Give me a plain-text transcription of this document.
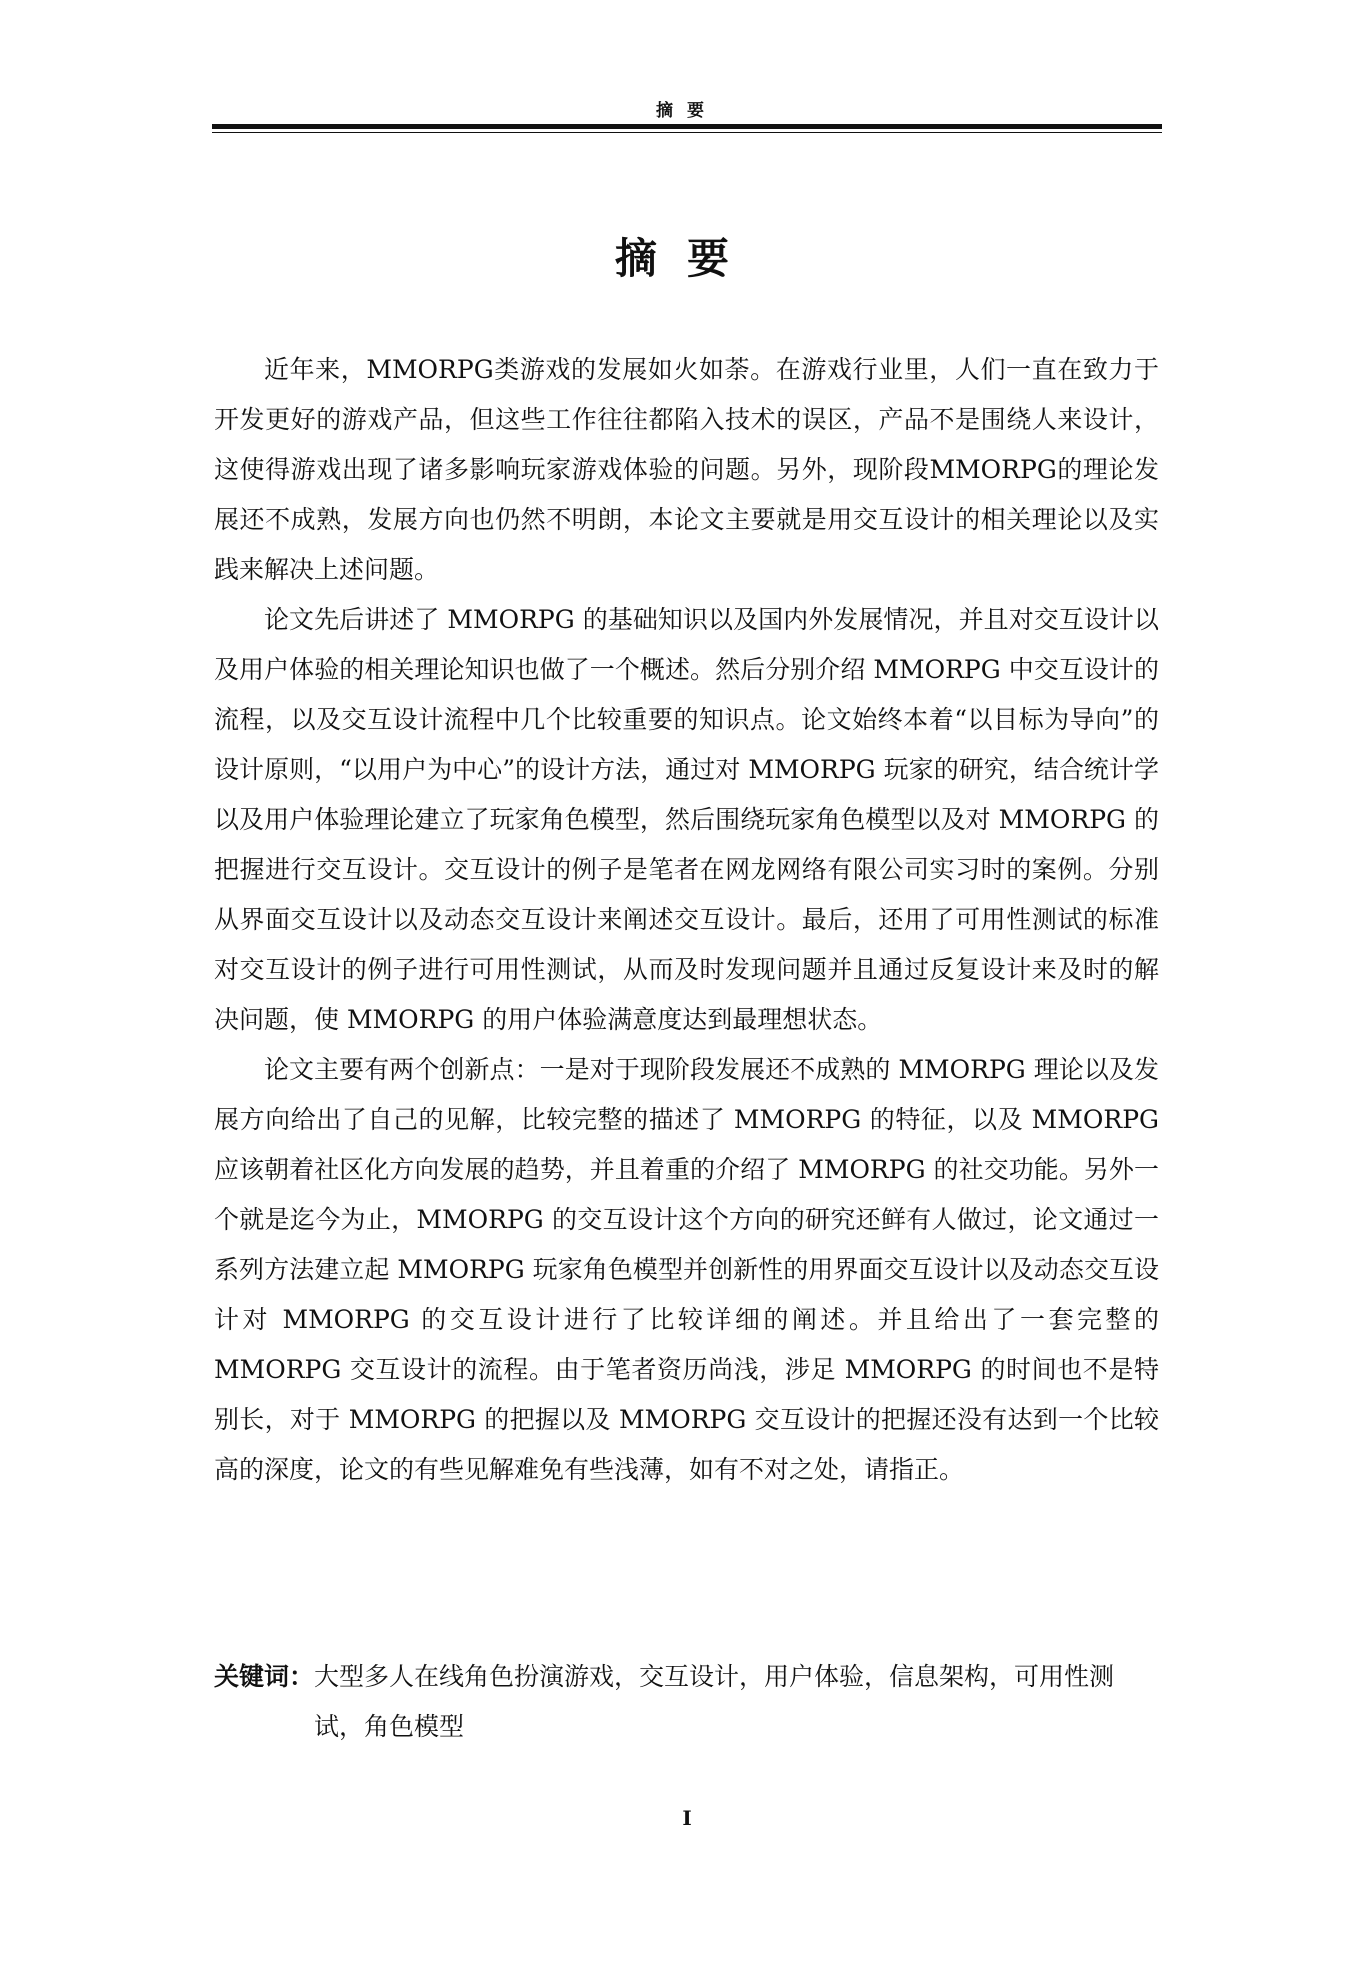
摘要
摘要

近年来，MMORPG类游戏的发展如火如荼。在游戏行业里，人们一直在致力于开发更好的游戏产品，但这些工作往往都陷入技术的误区，产品不是围绕人来设计，这使得游戏出现了诸多影响玩家游戏体验的问题。另外，现阶段MMORPG的理论发展还不成熟，发展方向也仍然不明朗，本论文主要就是用交互设计的相关理论以及实践来解决上述问题。

论文先后讲述了 MMORPG 的基础知识以及国内外发展情况，并且对交互设计以及用户体验的相关理论知识也做了一个概述。然后分别介绍 MMORPG 中交互设计的流程，以及交互设计流程中几个比较重要的知识点。论文始终本着“以目标为导向”的设计原则，“以用户为中心”的设计方法，通过对 MMORPG 玩家的研究，结合统计学以及用户体验理论建立了玩家角色模型，然后围绕玩家角色模型以及对 MMORPG 的把握进行交互设计。交互设计的例子是笔者在网龙网络有限公司实习时的案例。分别从界面交互设计以及动态交互设计来阐述交互设计。最后，还用了可用性测试的标准对交互设计的例子进行可用性测试，从而及时发现问题并且通过反复设计来及时的解决问题，使 MMORPG 的用户体验满意度达到最理想状态。

论文主要有两个创新点：一是对于现阶段发展还不成熟的 MMORPG 理论以及发展方向给出了自己的见解，比较完整的描述了 MMORPG 的特征，以及 MMORPG 应该朝着社区化方向发展的趋势，并且着重的介绍了 MMORPG 的社交功能。另外一个就是迄今为止，MMORPG 的交互设计这个方向的研究还鲜有人做过，论文通过一系列方法建立起 MMORPG 玩家角色模型并创新性的用界面交互设计以及动态交互设计对 MMORPG 的交互设计进行了比较详细的阐述。并且给出了一套完整的 MMORPG 交互设计的流程。由于笔者资历尚浅，涉足 MMORPG 的时间也不是特别长，对于 MMORPG 的把握以及 MMORPG 交互设计的把握还没有达到一个比较高的深度，论文的有些见解难免有些浅薄，如有不对之处，请指正。

关键词： 大型多人在线角色扮演游戏，交互设计，用户体验，信息架构，可用性测试，角色模型
I
